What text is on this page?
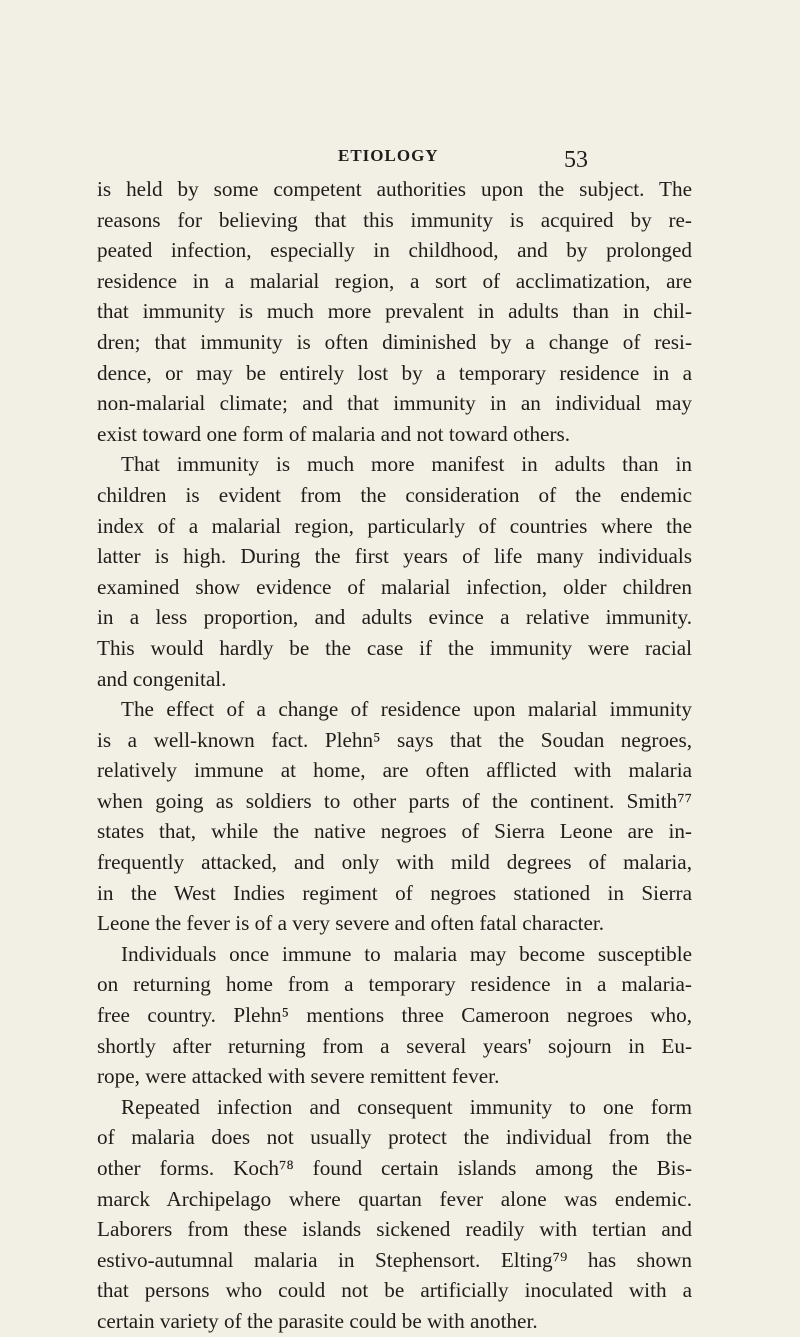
ETIOLOGY	53
is held by some competent authorities upon the subject. The
reasons for believing that this immunity is acquired by re-
peated infection, especially in childhood, and by prolonged
residence in a malarial region, a sort of acclimatization, are
that immunity is much more prevalent in adults than in chil-
dren; that immunity is often diminished by a change of resi-
dence, or may be entirely lost by a temporary residence in a
non-malarial climate; and that immunity in an individual may
exist toward one form of malaria and not toward others.
That immunity is much more manifest in adults than in
children is evident from the consideration of the endemic
index of a malarial region, particularly of countries where the
latter is high. During the first years of life many individuals
examined show evidence of malarial infection, older children
in a less proportion, and adults evince a relative immunity.
This would hardly be the case if the immunity were racial
and congenital.
The effect of a change of residence upon malarial immunity
is a well-known fact. Plehn⁵ says that the Soudan negroes,
relatively immune at home, are often afflicted with malaria
when going as soldiers to other parts of the continent. Smith⁷⁷
states that, while the native negroes of Sierra Leone are in-
frequently attacked, and only with mild degrees of malaria,
in the West Indies regiment of negroes stationed in Sierra
Leone the fever is of a very severe and often fatal character.
Individuals once immune to malaria may become susceptible
on returning home from a temporary residence in a malaria-
free country. Plehn⁵ mentions three Cameroon negroes who,
shortly after returning from a several years' sojourn in Eu-
rope, were attacked with severe remittent fever.
Repeated infection and consequent immunity to one form
of malaria does not usually protect the individual from the
other forms. Koch⁷⁸ found certain islands among the Bis-
marck Archipelago where quartan fever alone was endemic.
Laborers from these islands sickened readily with tertian and
estivo-autumnal malaria in Stephensort. Elting⁷⁹ has shown
that persons who could not be artificially inoculated with a
certain variety of the parasite could be with another.
